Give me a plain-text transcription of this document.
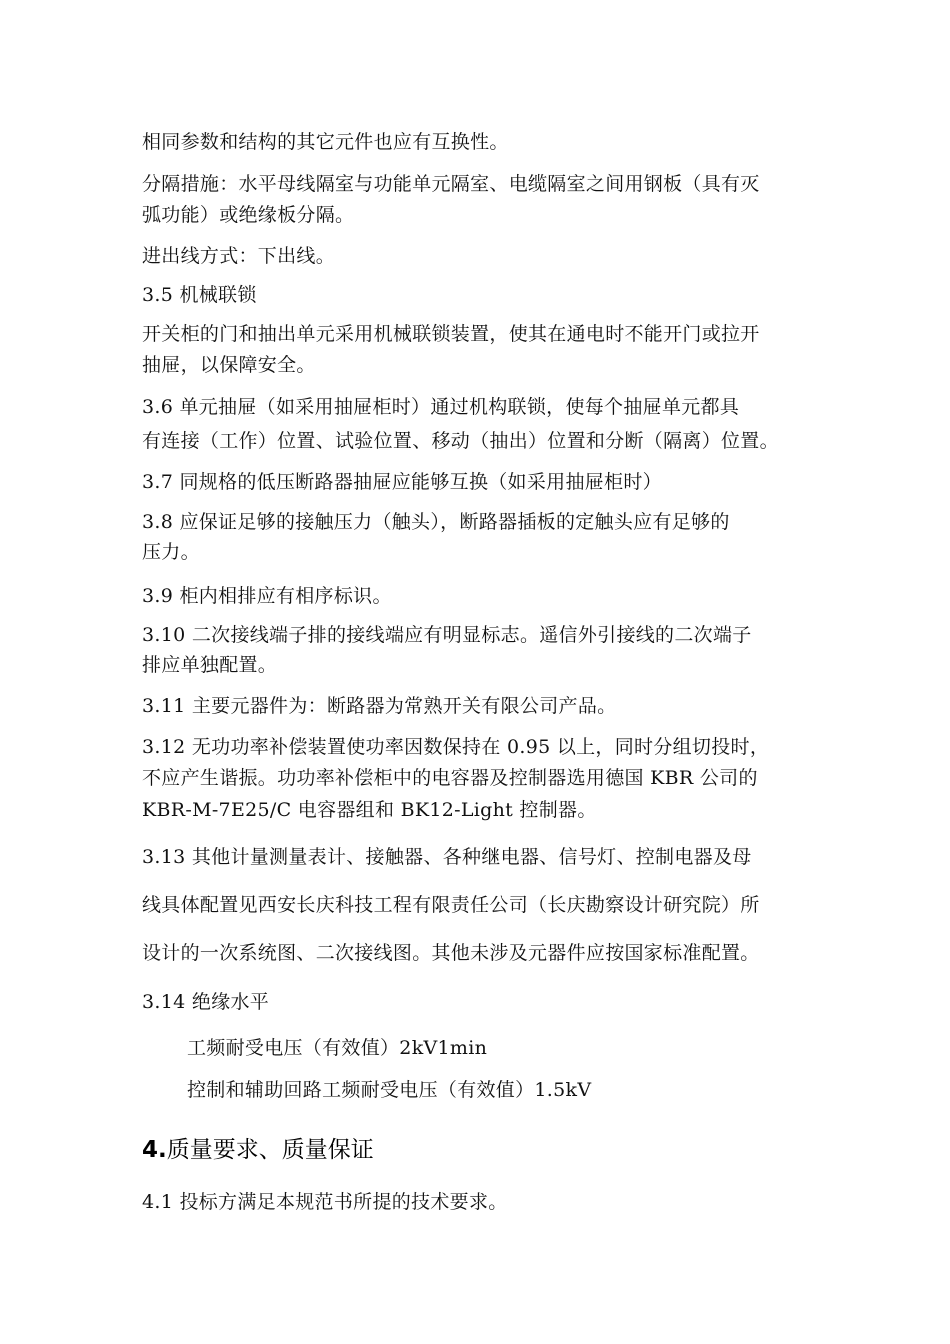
相同参数和结构的其它元件也应有互换性。

分隔措施：水平母线隔室与功能单元隔室、电缆隔室之间用钢板（具有灭

弧功能）或绝缘板分隔。

进出线方式：下出线。

3.5 机械联锁

开关柜的门和抽出单元采用机械联锁装置，使其在通电时不能开门或拉开

抽屉，以保障安全。

3.6 单元抽屉（如采用抽屉柜时）通过机构联锁，使每个抽屉单元都具

有连接（工作）位置、试验位置、移动（抽出）位置和分断（隔离）位置。

3.7 同规格的低压断路器抽屉应能够互换（如采用抽屉柜时）

3.8 应保证足够的接触压力（触头），断路器插板的定触头应有足够的

压力。

3.9 柜内相排应有相序标识。

3.10 二次接线端子排的接线端应有明显标志。遥信外引接线的二次端子

排应单独配置。

3.11 主要元器件为：断路器为常熟开关有限公司产品。

3.12 无功功率补偿装置使功率因数保持在 0.95 以上，同时分组切投时，

不应产生谐振。功功率补偿柜中的电容器及控制器选用德国 KBR 公司的

KBR-M-7E25/C 电容器组和 BK12-Light 控制器。

3.13 其他计量测量表计、接触器、各种继电器、信号灯、控制电器及母

线具体配置见西安长庆科技工程有限责任公司（长庆勘察设计研究院）所

设计的一次系统图、二次接线图。其他未涉及元器件应按国家标准配置。

3.14 绝缘水平

工频耐受电压（有效值）2kV1min

控制和辅助回路工频耐受电压（有效值）1.5kV

4.质量要求、质量保证

4.1 投标方满足本规范书所提的技术要求。
